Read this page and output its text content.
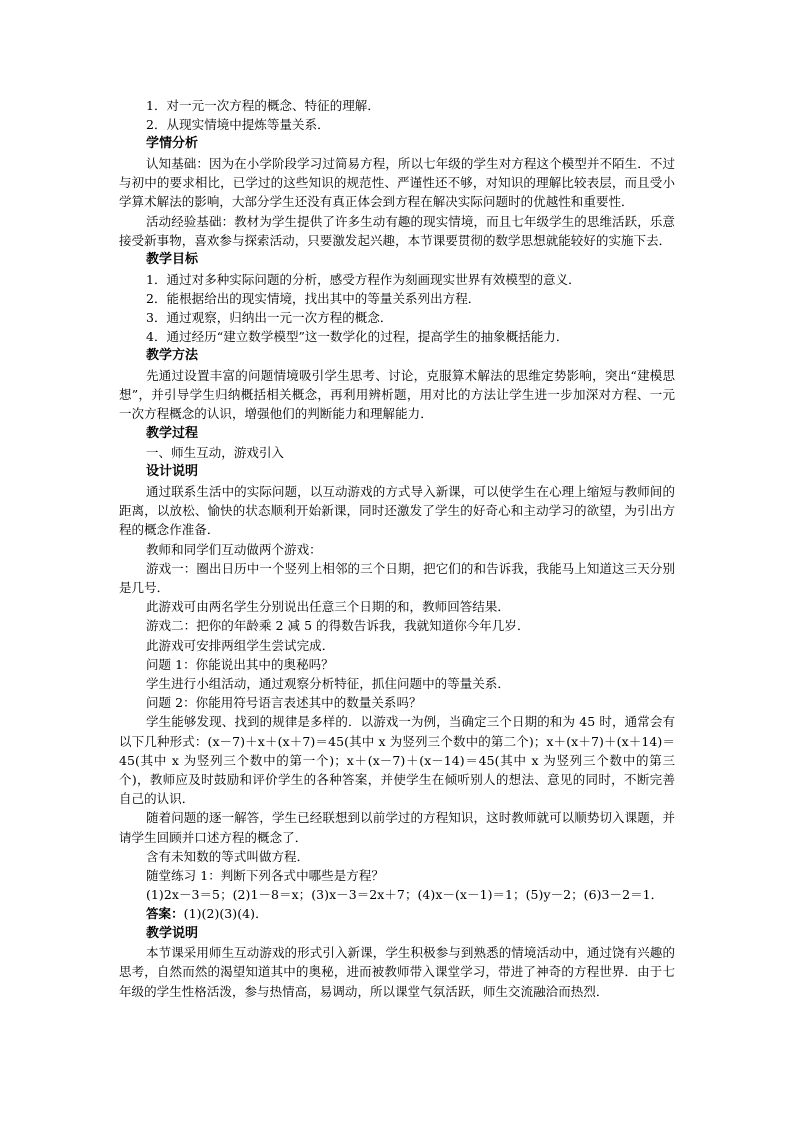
1．对一元一次方程的概念、特征的理解．

2．从现实情境中提炼等量关系．

学情分析

认知基础：因为在小学阶段学习过简易方程，所以七年级的学生对方程这个模型并不陌生．不过与初中的要求相比，已学过的这些知识的规范性、严谨性还不够，对知识的理解比较表层，而且受小学算术解法的影响，大部分学生还没有真正体会到方程在解决实际问题时的优越性和重要性．

活动经验基础：教材为学生提供了许多生动有趣的现实情境，而且七年级学生的思维活跃，乐意接受新事物，喜欢参与探索活动，只要激发起兴趣，本节课要贯彻的数学思想就能较好的实施下去．

教学目标

1．通过对多种实际问题的分析，感受方程作为刻画现实世界有效模型的意义．

2．能根据给出的现实情境，找出其中的等量关系列出方程．

3．通过观察，归纳出一元一次方程的概念．

4．通过经历“建立数学模型”这一数学化的过程，提高学生的抽象概括能力．

教学方法

先通过设置丰富的问题情境吸引学生思考、讨论，克服算术解法的思维定势影响，突出“建模思想”，并引导学生归纳概括相关概念，再利用辨析题，用对比的方法让学生进一步加深对方程、一元一次方程概念的认识，增强他们的判断能力和理解能力．

教学过程

一、师生互动，游戏引入

设计说明

通过联系生活中的实际问题，以互动游戏的方式导入新课，可以使学生在心理上缩短与教师间的距离，以放松、愉快的状态顺利开始新课，同时还激发了学生的好奇心和主动学习的欲望，为引出方程的概念作准备．

教师和同学们互动做两个游戏：

游戏一：圈出日历中一个竖列上相邻的三个日期，把它们的和告诉我，我能马上知道这三天分别是几号．

此游戏可由两名学生分别说出任意三个日期的和，教师回答结果．

游戏二：把你的年龄乘 2 减 5 的得数告诉我，我就知道你今年几岁．

此游戏可安排两组学生尝试完成．

问题 1：你能说出其中的奥秘吗？

学生进行小组活动，通过观察分析特征，抓住问题中的等量关系．

问题 2：你能用符号语言表述其中的数量关系吗？

学生能够发现、找到的规律是多样的．以游戏一为例，当确定三个日期的和为 45 时，通常会有以下几种形式：(x－7)＋x＋(x＋7)＝45(其中 x 为竖列三个数中的第二个)；x＋(x＋7)＋(x＋14)＝45(其中 x 为竖列三个数中的第一个)；x＋(x－7)＋(x－14)＝45(其中 x 为竖列三个数中的第三个)，教师应及时鼓励和评价学生的各种答案，并使学生在倾听别人的想法、意见的同时，不断完善自己的认识．

随着问题的逐一解答，学生已经联想到以前学过的方程知识，这时教师就可以顺势切入课题，并请学生回顾并口述方程的概念了．

含有未知数的等式叫做方程．

随堂练习 1：判断下列各式中哪些是方程？

(1)2x－3＝5；(2)1－8＝x；(3)x－3＝2x＋7；(4)x－(x－1)＝1；(5)y－2；(6)3－2＝1．

答案：(1)(2)(3)(4)．

教学说明

本节课采用师生互动游戏的形式引入新课，学生积极参与到熟悉的情境活动中，通过饶有兴趣的思考，自然而然的渴望知道其中的奥秘，进而被教师带入课堂学习，带进了神奇的方程世界．由于七年级的学生性格活泼，参与热情高，易调动，所以课堂气氛活跃，师生交流融洽而热烈．
